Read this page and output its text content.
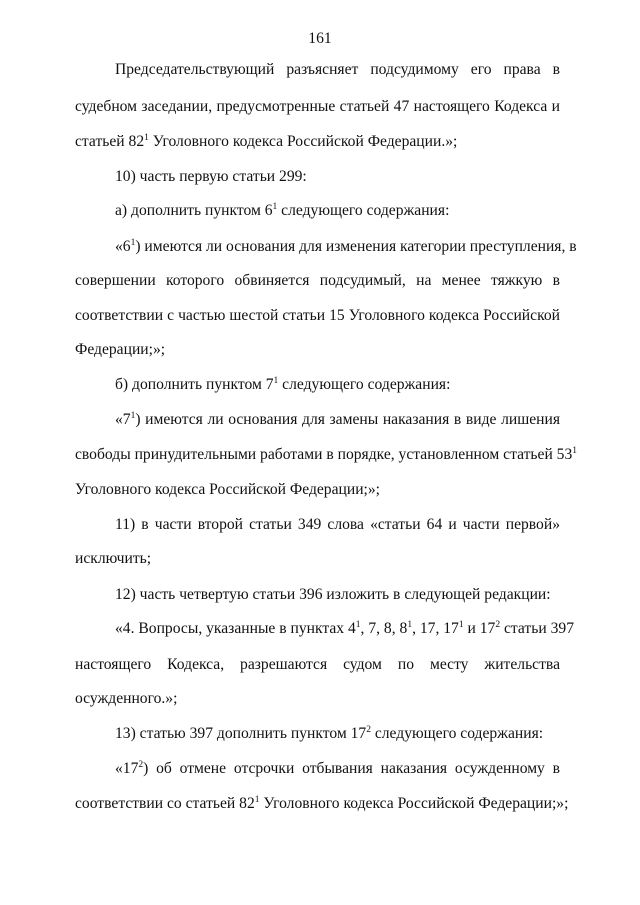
161
Председательствующий разъясняет подсудимому его права в
судебном заседании, предусмотренные статьей 47 настоящего Кодекса и
статьей $82^1$ Уголовного кодекса Российской Федерации.»;
10) часть первую статьи 299:
а) дополнить пунктом $6^1$ следующего содержания:
«$6^1$) имеются ли основания для изменения категории преступления, в
совершении которого обвиняется подсудимый, на менее тяжкую в
соответствии с частью шестой статьи 15 Уголовного кодекса Российской
Федерации;»;
б) дополнить пунктом $7^1$ следующего содержания:
«$7^1$) имеются ли основания для замены наказания в виде лишения
свободы принудительными работами в порядке, установленном статьей $53^1$
Уголовного кодекса Российской Федерации;»;
11) в части второй статьи 349 слова «статьи 64 и части первой»
исключить;
12) часть четвертую статьи 396 изложить в следующей редакции:
«4. Вопросы, указанные в пунктах $4^1$, 7, 8, $8^1$, 17, $17^1$ и $17^2$ статьи 397
настоящего Кодекса, разрешаются судом по месту жительства
осужденного.»;
13) статью 397 дополнить пунктом $17^2$ следующего содержания:
«$17^2$) об отмене отсрочки отбывания наказания осужденному в
соответствии со статьей $82^1$ Уголовного кодекса Российской Федерации;»;
